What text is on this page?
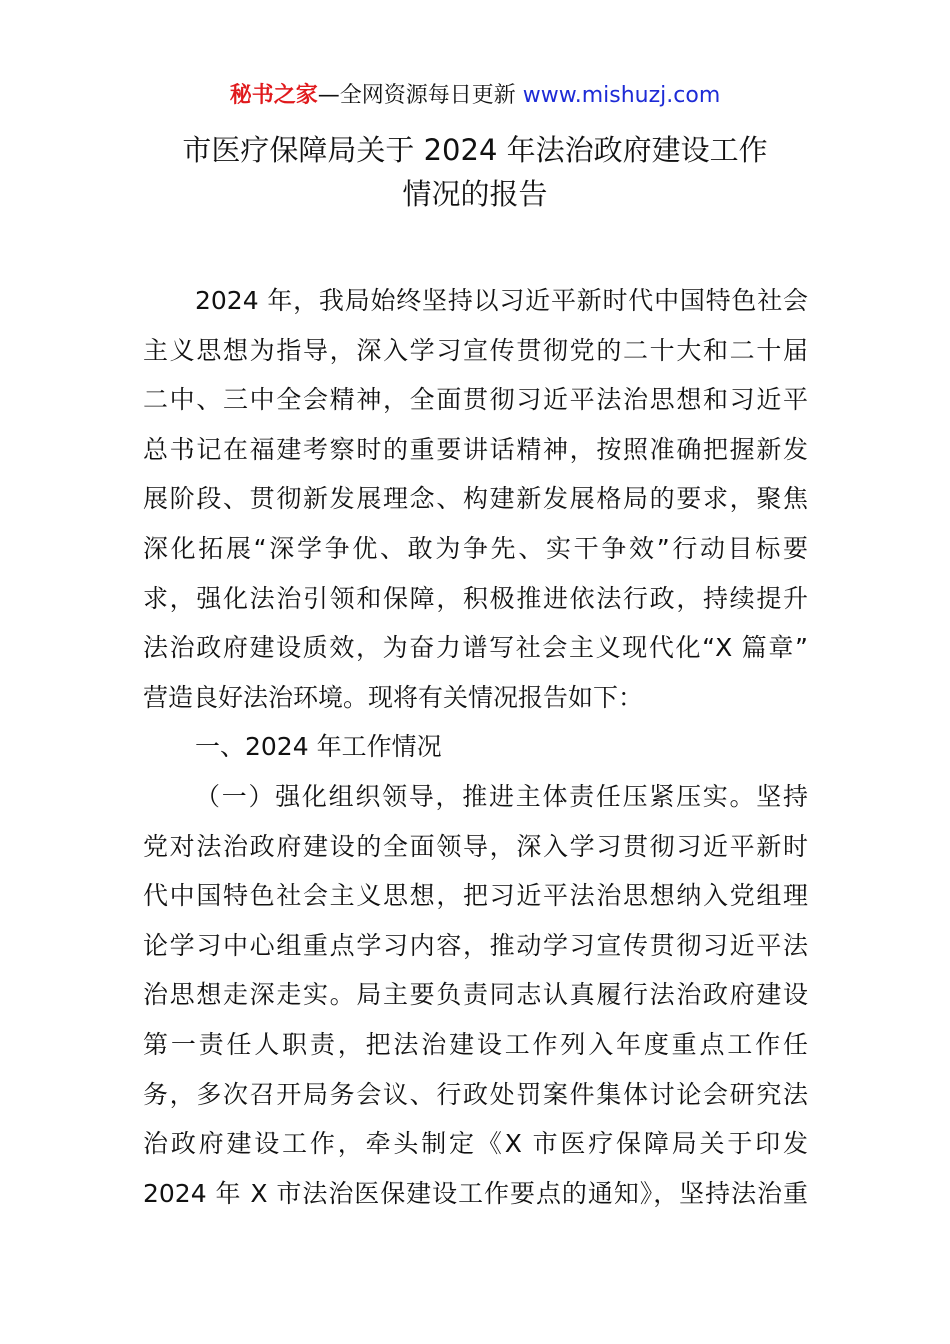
秘书之家—全网资源每日更新 www.mishuzj.com
市医疗保障局关于 2024 年法治政府建设工作
情况的报告
2024 年，我局始终坚持以习近平新时代中国特色社会
主义思想为指导，深入学习宣传贯彻党的二十大和二十届
二中、三中全会精神，全面贯彻习近平法治思想和习近平
总书记在福建考察时的重要讲话精神，按照准确把握新发
展阶段、贯彻新发展理念、构建新发展格局的要求，聚焦
深化拓展“深学争优、敢为争先、实干争效”行动目标要
求，强化法治引领和保障，积极推进依法行政，持续提升
法治政府建设质效，为奋力谱写社会主义现代化“X 篇章”
营造良好法治环境。现将有关情况报告如下：
一、2024 年工作情况
（一）强化组织领导，推进主体责任压紧压实。坚持
党对法治政府建设的全面领导，深入学习贯彻习近平新时
代中国特色社会主义思想，把习近平法治思想纳入党组理
论学习中心组重点学习内容，推动学习宣传贯彻习近平法
治思想走深走实。局主要负责同志认真履行法治政府建设
第一责任人职责，把法治建设工作列入年度重点工作任
务，多次召开局务会议、行政处罚案件集体讨论会研究法
治政府建设工作，牵头制定《X 市医疗保障局关于印发
2024 年 X 市法治医保建设工作要点的通知》，坚持法治重
